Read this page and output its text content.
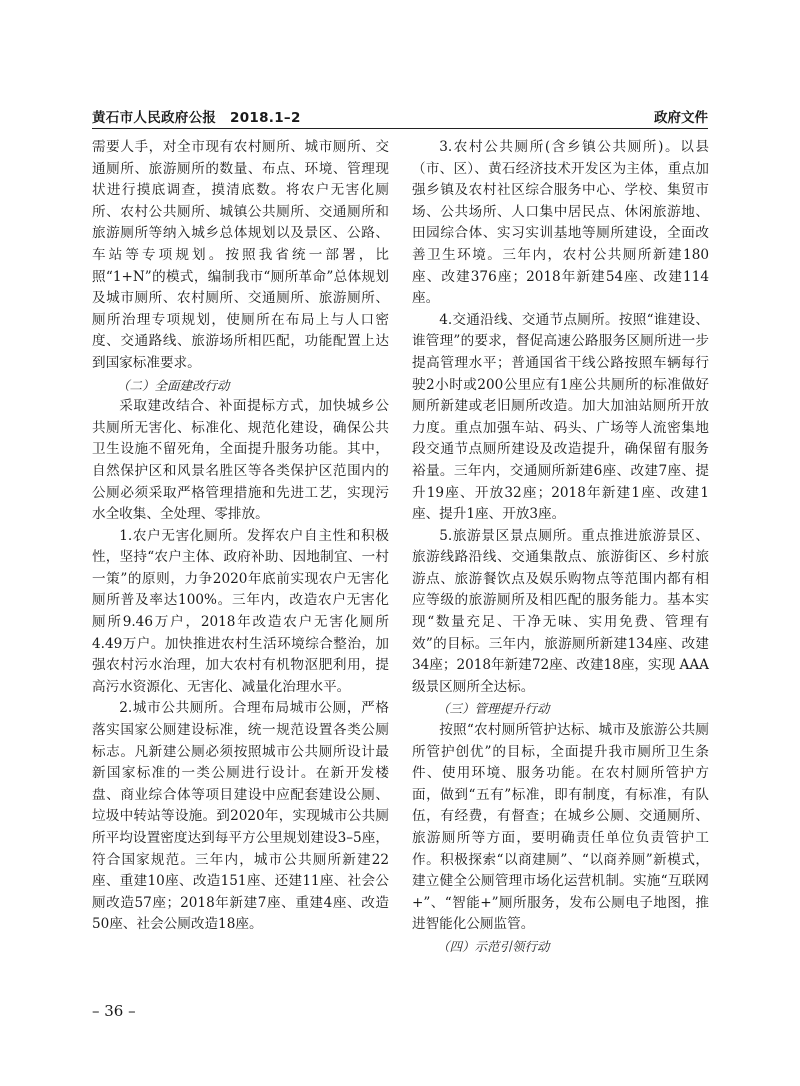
黄石市人民政府公报　2018.1–2	政府文件

需要人手，对全市现有农村厕所、城市厕所、交通厕所、旅游厕所的数量、布点、环境、管理现状进行摸底调查，摸清底数。将农户无害化厕所、农村公共厕所、城镇公共厕所、交通厕所和旅游厕所等纳入城乡总体规划以及景区、公路、车站等专项规划。按照我省统一部署，比照“1+N”的模式，编制我市“厕所革命”总体规划及城市厕所、农村厕所、交通厕所、旅游厕所、厕所治理专项规划，使厕所在布局上与人口密度、交通路线、旅游场所相匹配，功能配置上达到国家标准要求。

（二）全面建改行动

采取建改结合、补面提标方式，加快城乡公共厕所无害化、标准化、规范化建设，确保公共卫生设施不留死角，全面提升服务功能。其中，自然保护区和风景名胜区等各类保护区范围内的公厕必须采取严格管理措施和先进工艺，实现污水全收集、全处理、零排放。

1.农户无害化厕所。发挥农户自主性和积极性，坚持“农户主体、政府补助、因地制宜、一村一策”的原则，力争2020年底前实现农户无害化厕所普及率达100%。三年内，改造农户无害化厕所9.46万户，2018年改造农户无害化厕所4.49万户。加快推进农村生活环境综合整治，加强农村污水治理，加大农村有机物沤肥利用，提高污水资源化、无害化、减量化治理水平。

2.城市公共厕所。合理布局城市公厕，严格落实国家公厕建设标准，统一规范设置各类公厕标志。凡新建公厕必须按照城市公共厕所设计最新国家标准的一类公厕进行设计。在新开发楼盘、商业综合体等项目建设中应配套建设公厕、垃圾中转站等设施。到2020年，实现城市公共厕所平均设置密度达到每平方公里规划建设3–5座，符合国家规范。三年内，城市公共厕所新建22座、重建10座、改造151座、还建11座、社会公厕改造57座；2018年新建7座、重建4座、改造50座、社会公厕改造18座。

3.农村公共厕所(含乡镇公共厕所)。以县（市、区）、黄石经济技术开发区为主体，重点加强乡镇及农村社区综合服务中心、学校、集贸市场、公共场所、人口集中居民点、休闲旅游地、田园综合体、实习实训基地等厕所建设，全面改善卫生环境。三年内，农村公共厕所新建180座、改建376座；2018年新建54座、改建114座。

4.交通沿线、交通节点厕所。按照“谁建设、谁管理”的要求，督促高速公路服务区厕所进一步提高管理水平；普通国省干线公路按照车辆每行驶2小时或200公里应有1座公共厕所的标准做好厕所新建或老旧厕所改造。加大加油站厕所开放力度。重点加强车站、码头、广场等人流密集地段交通节点厕所建设及改造提升，确保留有服务裕量。三年内，交通厕所新建6座、改建7座、提升19座、开放32座；2018年新建1座、改建1座、提升1座、开放3座。

5.旅游景区景点厕所。重点推进旅游景区、旅游线路沿线、交通集散点、旅游街区、乡村旅游点、旅游餐饮点及娱乐购物点等范围内都有相应等级的旅游厕所及相匹配的服务能力。基本实现“数量充足、干净无味、实用免费、管理有效”的目标。三年内，旅游厕所新建134座、改建34座；2018年新建72座、改建18座，实现 AAA 级景区厕所全达标。

（三）管理提升行动

按照“农村厕所管护达标、城市及旅游公共厕所管护创优”的目标，全面提升我市厕所卫生条件、使用环境、服务功能。在农村厕所管护方面，做到“五有”标准，即有制度，有标准，有队伍，有经费，有督查；在城乡公厕、交通厕所、旅游厕所等方面，要明确责任单位负责管护工作。积极探索“以商建厕”、“以商养厕”新模式，建立健全公厕管理市场化运营机制。实施“互联网+”、“智能+”厕所服务，发布公厕电子地图，推进智能化公厕监管。

（四）示范引领行动

– 36 –
